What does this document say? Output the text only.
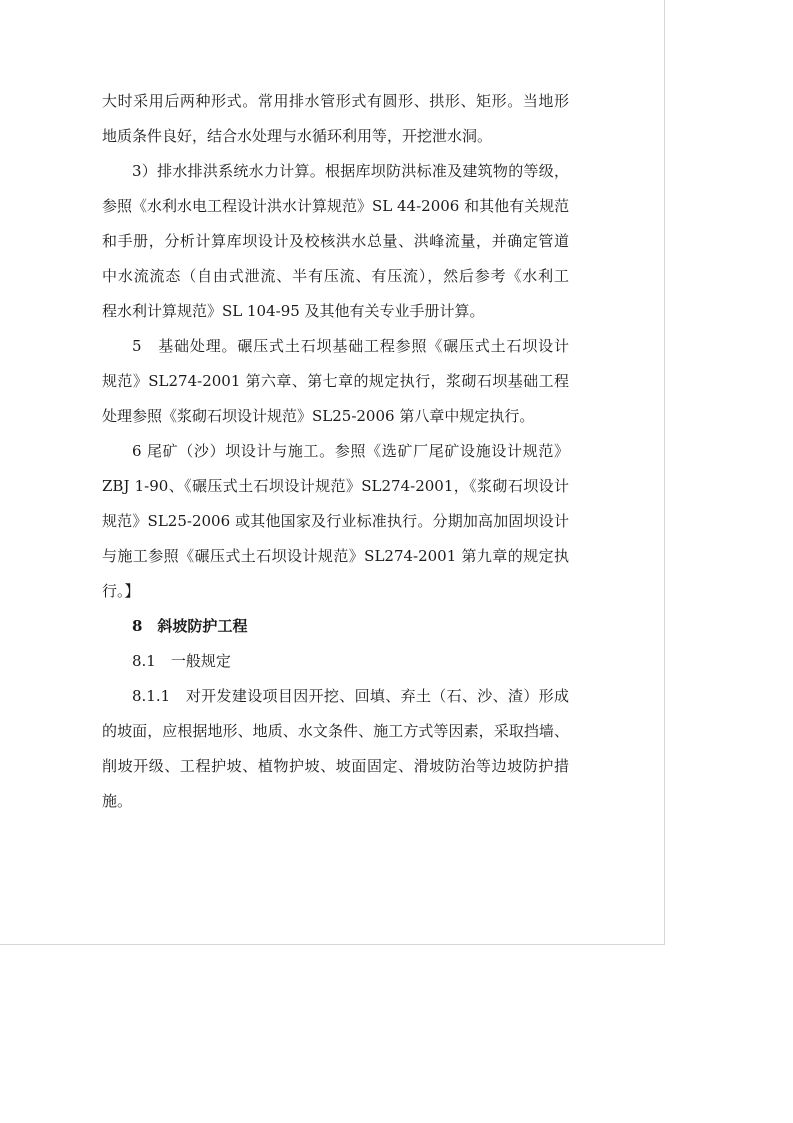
大时采用后两种形式。常用排水管形式有圆形、拱形、矩形。当地形
地质条件良好，结合水处理与水循环利用等，开挖泄水洞。
3）排水排洪系统水力计算。根据库坝防洪标准及建筑物的等级，
参照《水利水电工程设计洪水计算规范》SL 44-2006 和其他有关规范
和手册，分析计算库坝设计及校核洪水总量、洪峰流量，并确定管道
中水流流态（自由式泄流、半有压流、有压流），然后参考《水利工
程水利计算规范》SL 104-95 及其他有关专业手册计算。
5　基础处理。碾压式土石坝基础工程参照《碾压式土石坝设计
规范》SL274-2001 第六章、第七章的规定执行，浆砌石坝基础工程
处理参照《浆砌石坝设计规范》SL25-2006 第八章中规定执行。
6 尾矿（沙）坝设计与施工。参照《选矿厂尾矿设施设计规范》
ZBJ 1-90、《碾压式土石坝设计规范》SL274-2001，《浆砌石坝设计
规范》SL25-2006 或其他国家及行业标准执行。分期加高加固坝设计
与施工参照《碾压式土石坝设计规范》SL274-2001 第九章的规定执
行。】
8　斜坡防护工程
8.1　一般规定
8.1.1　对开发建设项目因开挖、回填、弃土（石、沙、渣）形成
的坡面，应根据地形、地质、水文条件、施工方式等因素，采取挡墙、
削坡开级、工程护坡、植物护坡、坡面固定、滑坡防治等边坡防护措
施。
